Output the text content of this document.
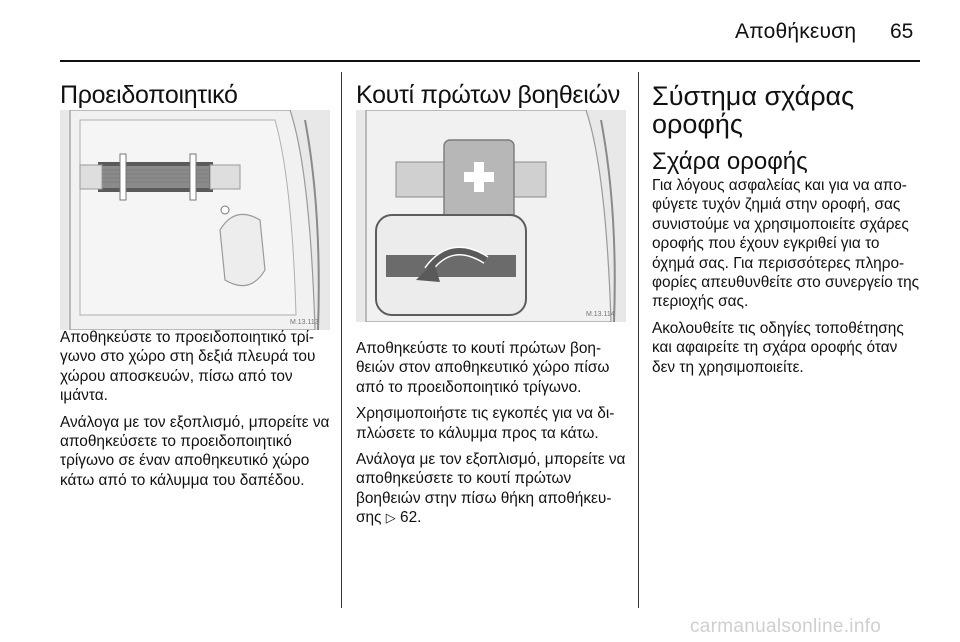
Αποθήκευση 65
Προειδοποιητικό
M.13.113

Αποθηκεύστε το προειδοποιητικό τρί-γωνο στο χώρο στη δεξιά πλευρά του χώρου αποσκευών, πίσω από τον ιμάντα.

Ανάλογα με τον εξοπλισμό, μπορείτε να αποθηκεύσετε το προειδοποιητικό τρίγωνο σε έναν αποθηκευτικό χώρο κάτω από το κάλυμμα του δαπέδου.

Κουτί πρώτων βοηθειών
M.13.114

Αποθηκεύστε το κουτί πρώτων βοη-θειών στον αποθηκευτικό χώρο πίσω από το προειδοποιητικό τρίγωνο.

Χρησιμοποιήστε τις εγκοπές για να δι-πλώσετε το κάλυμμα προς τα κάτω.

Ανάλογα με τον εξοπλισμό, μπορείτε να αποθηκεύσετε το κουτί πρώτων βοηθειών στην πίσω θήκη αποθήκευ-σης ▷ 62.

Σύστημα σχάρας
οροφής
Σχάρα οροφής

Για λόγους ασφαλείας και για να απο-φύγετε τυχόν ζημιά στην οροφή, σας συνιστούμε να χρησιμοποιείτε σχάρες οροφής που έχουν εγκριθεί για το όχημά σας. Για περισσότερες πληρο-φορίες απευθυνθείτε στο συνεργείο της περιοχής σας.

Ακολουθείτε τις οδηγίες τοποθέτησης και αφαιρείτε τη σχάρα οροφής όταν δεν τη χρησιμοποιείτε.

carmanualsonline.info
